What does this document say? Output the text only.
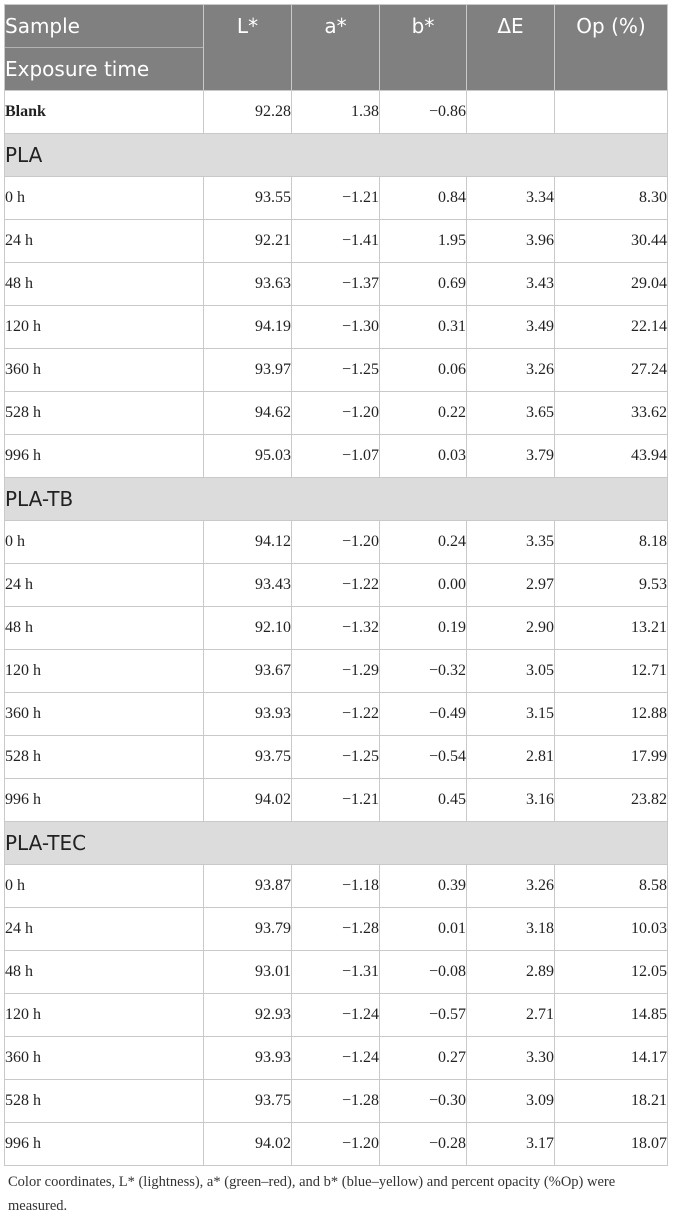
Sample
Exposure time	L*	a*	b*	ΔE	Op (%)
Blank	92.28	1.38	−0.86		
PLA					
0 h	93.55	−1.21	0.84	3.34	8.30
24 h	92.21	−1.41	1.95	3.96	30.44
48 h	93.63	−1.37	0.69	3.43	29.04
120 h	94.19	−1.30	0.31	3.49	22.14
360 h	93.97	−1.25	0.06	3.26	27.24
528 h	94.62	−1.20	0.22	3.65	33.62
996 h	95.03	−1.07	0.03	3.79	43.94
PLA-TB					
0 h	94.12	−1.20	0.24	3.35	8.18
24 h	93.43	−1.22	0.00	2.97	9.53
48 h	92.10	−1.32	0.19	2.90	13.21
120 h	93.67	−1.29	−0.32	3.05	12.71
360 h	93.93	−1.22	−0.49	3.15	12.88
528 h	93.75	−1.25	−0.54	2.81	17.99
996 h	94.02	−1.21	0.45	3.16	23.82
PLA-TEC					
0 h	93.87	−1.18	0.39	3.26	8.58
24 h	93.79	−1.28	0.01	3.18	10.03
48 h	93.01	−1.31	−0.08	2.89	12.05
120 h	92.93	−1.24	−0.57	2.71	14.85
360 h	93.93	−1.24	0.27	3.30	14.17
528 h	93.75	−1.28	−0.30	3.09	18.21
996 h	94.02	−1.20	−0.28	3.17	18.07
Color coordinates, L* (lightness), a* (green–red), and b* (blue–yellow) and percent opacity (%Op) were measured.
